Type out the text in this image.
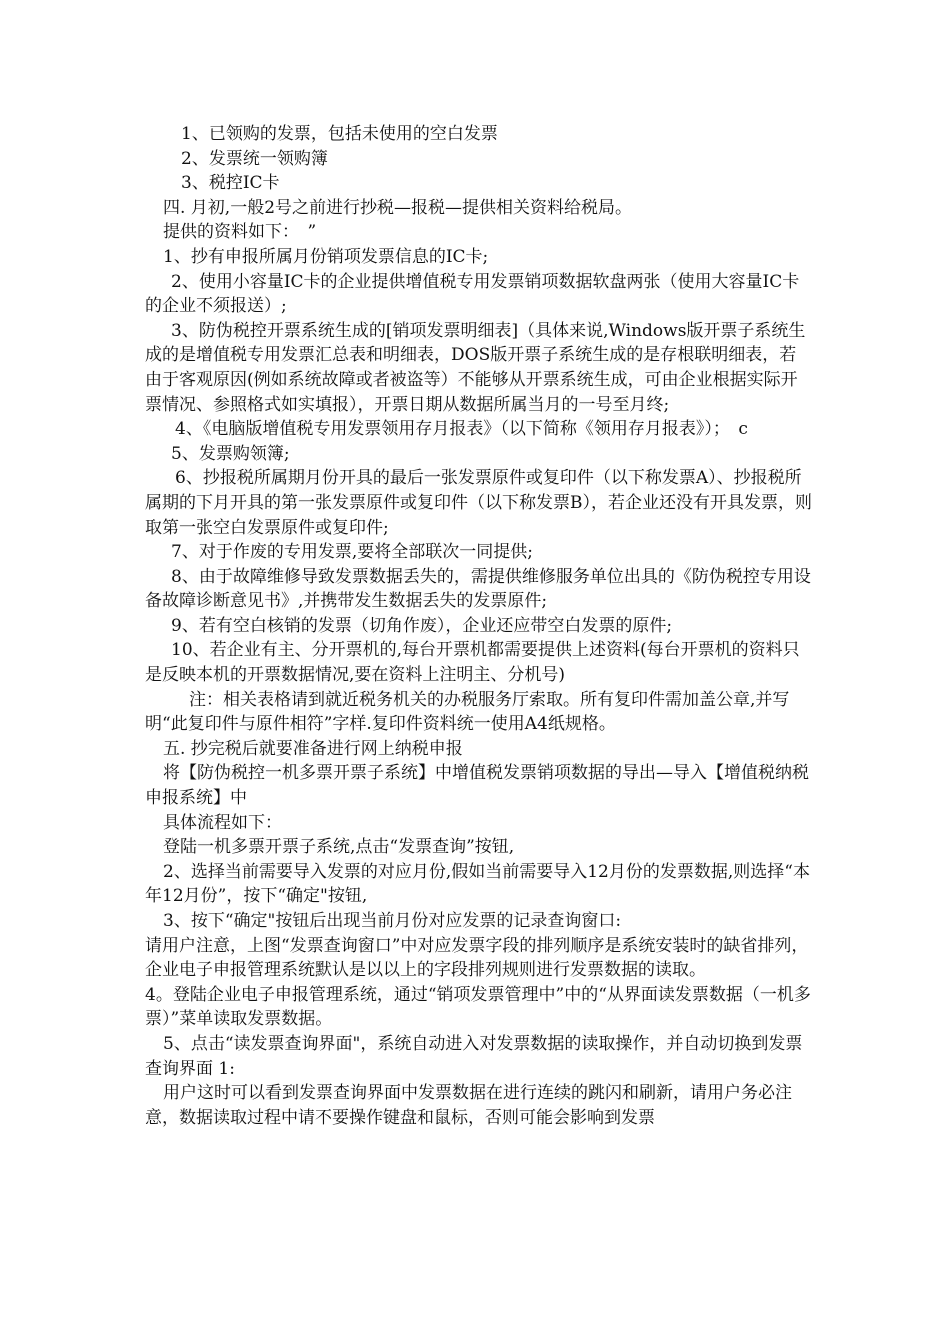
1、已领购的发票，包括未使用的空白发票

2、发票统一领购簿

3、税控IC卡

四. 月初,一般2号之前进行抄税—报税—提供相关资料给税局。

提供的资料如下：　”

1、抄有申报所属月份销项发票信息的IC卡;

2、使用小容量IC卡的企业提供增值税专用发票销项数据软盘两张（使用大容量IC卡的企业不须报送）;

3、防伪税控开票系统生成的[销项发票明细表]（具体来说,Windows版开票子系统生成的是增值税专用发票汇总表和明细表，DOS版开票子系统生成的是存根联明细表，若由于客观原因(例如系统故障或者被盗等）不能够从开票系统生成，可由企业根据实际开票情况、参照格式如实填报），开票日期从数据所属当月的一号至月终;

4、《电脑版增值税专用发票领用存月报表》（以下简称《领用存月报表》）；　c

5、发票购领簿;

6、抄报税所属期月份开具的最后一张发票原件或复印件（以下称发票A）、抄报税所属期的下月开具的第一张发票原件或复印件（以下称发票B），若企业还没有开具发票，则取第一张空白发票原件或复印件;

7、对于作废的专用发票,要将全部联次一同提供;

8、由于故障维修导致发票数据丢失的，需提供维修服务单位出具的《防伪税控专用设备故障诊断意见书》,并携带发生数据丢失的发票原件;

9、若有空白核销的发票（切角作废），企业还应带空白发票的原件;

10、若企业有主、分开票机的,每台开票机都需要提供上述资料(每台开票机的资料只是反映本机的开票数据情况,要在资料上注明主、分机号)

注：相关表格请到就近税务机关的办税服务厅索取。所有复印件需加盖公章,并写明“此复印件与原件相符”字样.复印件资料统一使用A4纸规格。

五. 抄完税后就要准备进行网上纳税申报

将【防伪税控一机多票开票子系统】中增值税发票销项数据的导出—导入【增值税纳税申报系统】中

具体流程如下：

登陆一机多票开票子系统,点击“发票查询”按钮,

2、选择当前需要导入发票的对应月份,假如当前需要导入12月份的发票数据,则选择“本年12月份”，按下“确定"按钮,

3、按下“确定"按钮后出现当前月份对应发票的记录查询窗口:

请用户注意，上图“发票查询窗口”中对应发票字段的排列顺序是系统安装时的缺省排列，企业电子申报管理系统默认是以以上的字段排列规则进行发票数据的读取。

4。登陆企业电子申报管理系统，通过“销项发票管理中”中的“从界面读发票数据（一机多票）”菜单读取发票数据。

5、点击“读发票查询界面"，系统自动进入对发票数据的读取操作，并自动切换到发票查询界面 1:

用户这时可以看到发票查询界面中发票数据在进行连续的跳闪和刷新，请用户务必注意，数据读取过程中请不要操作键盘和鼠标，否则可能会影响到发票
